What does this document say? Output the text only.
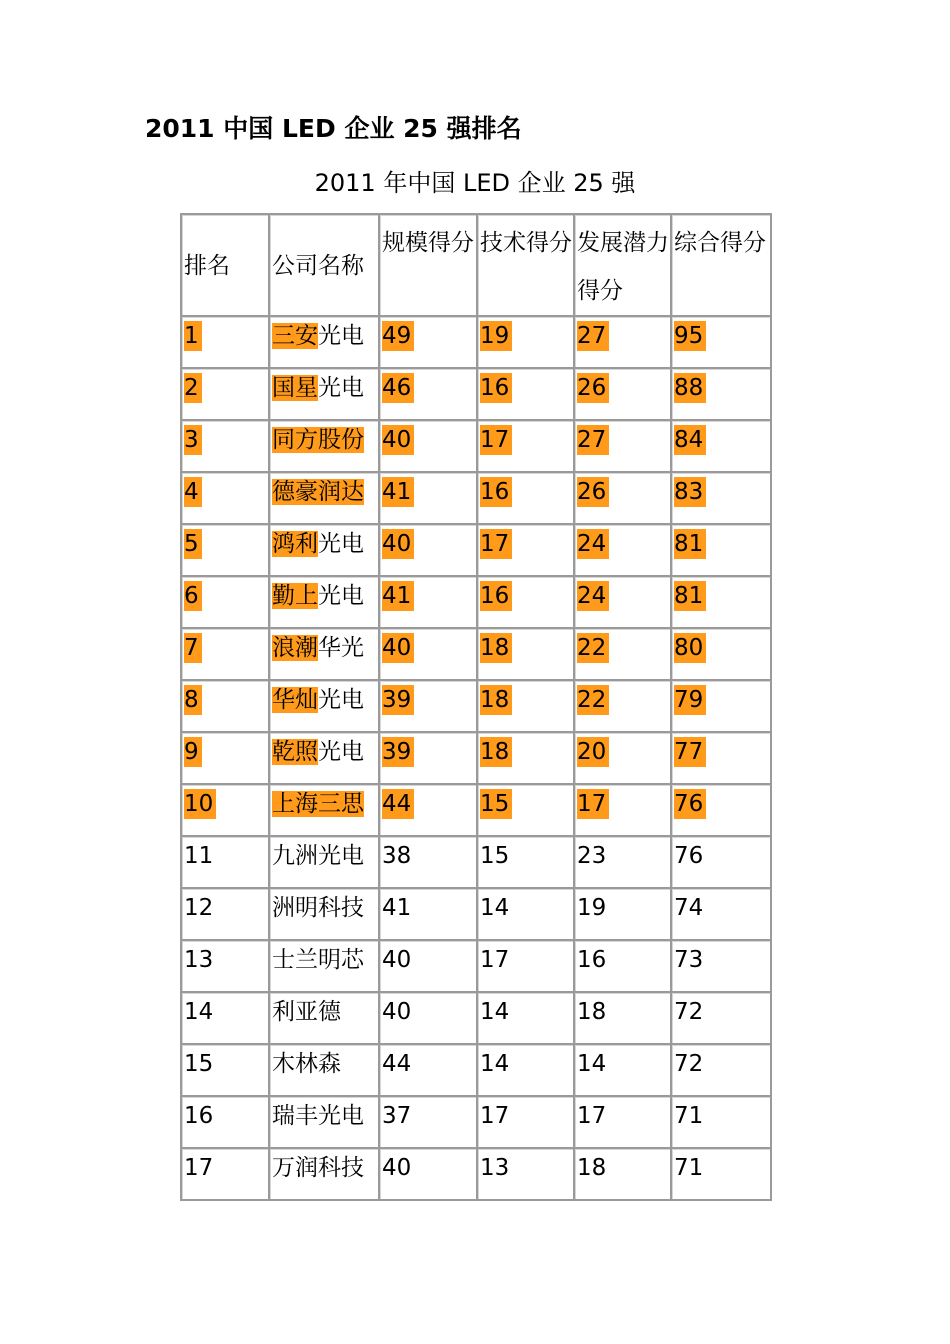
2011 中国 LED 企业 25 强排名
2011 年中国 LED 企业 25 强
排名	公司名称	规模得分	技术得分	发展潜力得分	综合得分

1	三安光电	49	19	27	95
2	国星光电	46	16	26	88
3	同方股份	40	17	27	84
4	德豪润达	41	16	26	83
5	鸿利光电	40	17	24	81
6	勤上光电	41	16	24	81
7	浪潮华光	40	18	22	80
8	华灿光电	39	18	22	79
9	乾照光电	39	18	20	77
10	上海三思	44	15	17	76
11	九洲光电	38	15	23	76
12	洲明科技	41	14	19	74
13	士兰明芯	40	17	16	73
14	利亚德	40	14	18	72
15	木林森	44	14	14	72
16	瑞丰光电	37	17	17	71
17	万润科技	40	13	18	71
